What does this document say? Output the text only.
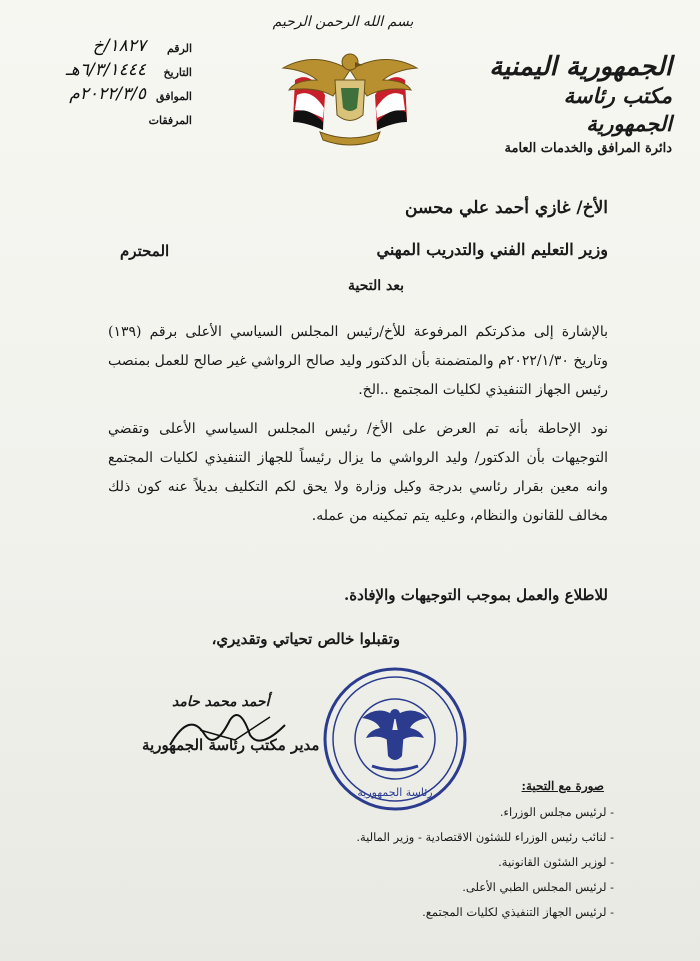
الجمهورية اليمنية
مكتب رئاسة الجمهورية
دائرة المرافق والخدمات العامة
بسم الله الرحمن الرحيم
الرقم
١٨٢٧/خ
التاريخ
٦/٣/١٤٤٤هـ
الموافق
٢٠٢٢/٣/٥م
المرفقات
الأخ/ غازي أحمد علي محسن
وزير التعليم الفني والتدريب المهني
المحترم
بعد التحية

بالإشارة إلى مذكرتكم المرفوعة للأخ/رئيس المجلس السياسي الأعلى برقم (١٣٩) وتاريخ ٢٠٢٢/١/٣٠م والمتضمنة بأن الدكتور وليد صالح الرواشي غير صالح للعمل بمنصب رئيس الجهاز التنفيذي لكليات المجتمع ..الخ.

نود الإحاطة بأنه تم العرض على الأخ/ رئيس المجلس السياسي الأعلى وتقضي التوجيهات بأن الدكتور/ وليد الرواشي ما يزال رئيساً للجهاز التنفيذي لكليات المجتمع وانه معين بقرار رئاسي بدرجة وكيل وزارة ولا يحق لكم التكليف بديلاً عنه كون ذلك مخالف للقانون والنظام، وعليه يتم تمكينه من عمله.

للاطلاع والعمل بموجب التوجيهات والإفادة.
وتقبلوا خالص تحياتي وتقديري،
أحمد محمد حامد
مدير مكتب رئاسة الجمهورية
رئاسة الجمهورية	صورة مع التحية:
- لرئيس مجلس الوزراء.
- لنائب رئيس الوزراء للشئون الاقتصادية - وزير المالية.
- لوزير الشئون القانونية.
- لرئيس المجلس الطبي الأعلى.
- لرئيس الجهاز التنفيذي لكليات المجتمع.
